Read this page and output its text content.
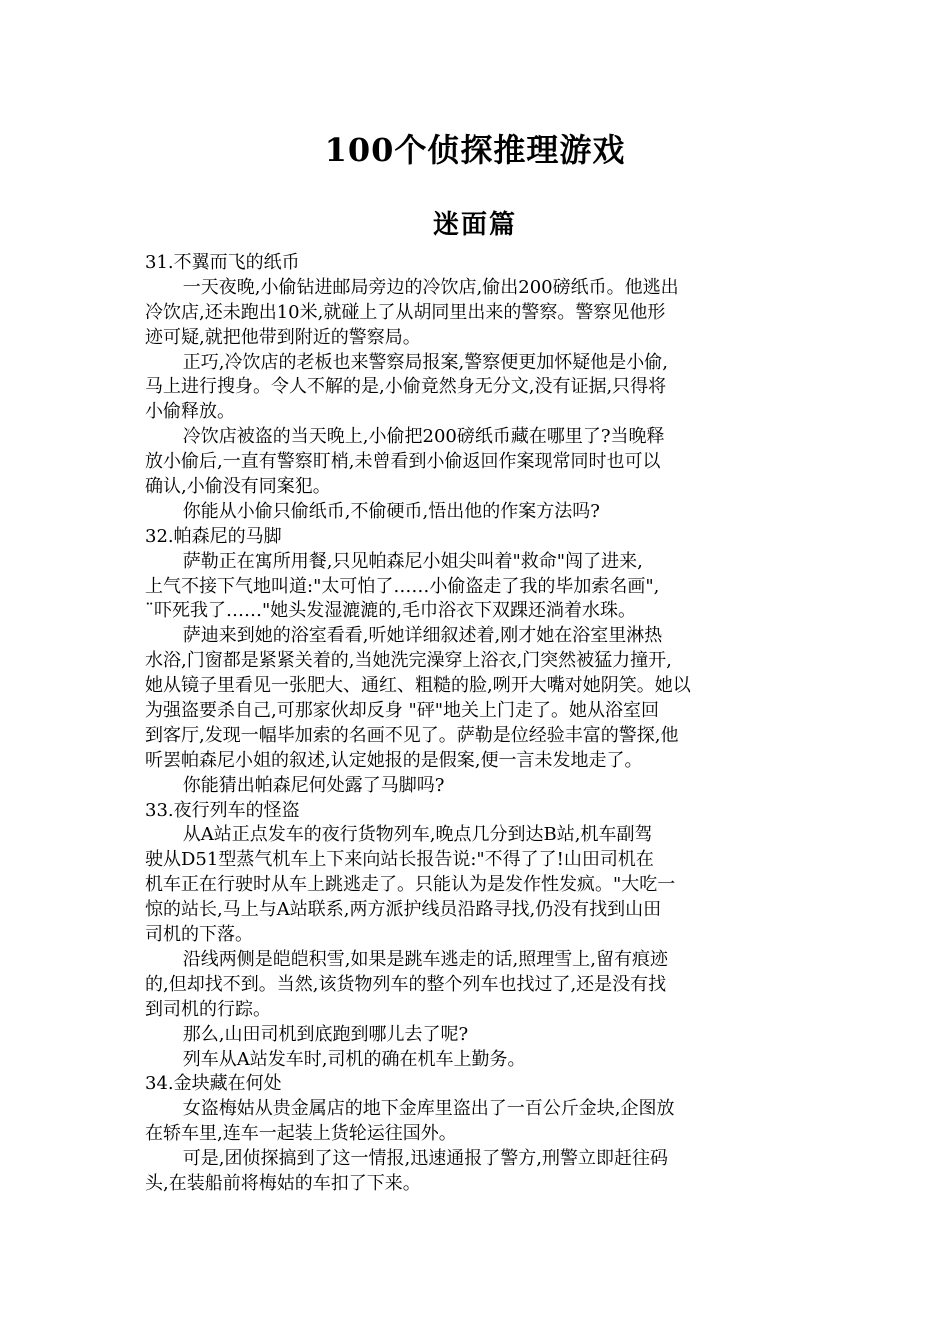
100个侦探推理游戏
迷面篇
31.不翼而飞的纸币
一天夜晚,小偷钻进邮局旁边的冷饮店,偷出200磅纸币。他逃出
冷饮店,还未跑出10米,就碰上了从胡同里出来的警察。警察见他形
迹可疑,就把他带到附近的警察局。
正巧,冷饮店的老板也来警察局报案,警察便更加怀疑他是小偷,
马上进行搜身。令人不解的是,小偷竟然身无分文,没有证据,只得将
小偷释放。
冷饮店被盗的当天晚上,小偷把200磅纸币藏在哪里了?当晚释
放小偷后,一直有警察盯梢,未曾看到小偷返回作案现常同时也可以
确认,小偷没有同案犯。
你能从小偷只偷纸币,不偷硬币,悟出他的作案方法吗?
32.帕森尼的马脚
萨勒正在寓所用餐,只见帕森尼小姐尖叫着"救命"闯了进来,
上气不接下气地叫道:"太可怕了……小偷盗走了我的毕加索名画",
¨吓死我了……"她头发湿漉漉的,毛巾浴衣下双踝还淌着水珠。
萨迪来到她的浴室看看,听她详细叙述着,刚才她在浴室里淋热
水浴,门窗都是紧紧关着的,当她洗完澡穿上浴衣,门突然被猛力撞开,
她从镜子里看见一张肥大、通红、粗糙的脸,咧开大嘴对她阴笑。她以
为强盗要杀自己,可那家伙却反身 "砰"地关上门走了。她从浴室回
到客厅,发现一幅毕加索的名画不见了。萨勒是位经验丰富的警探,他
听罢帕森尼小姐的叙述,认定她报的是假案,便一言未发地走了。
你能猜出帕森尼何处露了马脚吗?
33.夜行列车的怪盗
从A站正点发车的夜行货物列车,晚点几分到达B站,机车副驾
驶从D51型蒸气机车上下来向站长报告说:"不得了了!山田司机在
机车正在行驶时从车上跳逃走了。只能认为是发作性发疯。"大吃一
惊的站长,马上与A站联系,两方派护线员沿路寻找,仍没有找到山田
司机的下落。
沿线两侧是皑皑积雪,如果是跳车逃走的话,照理雪上,留有痕迹
的,但却找不到。当然,该货物列车的整个列车也找过了,还是没有找
到司机的行踪。
那么,山田司机到底跑到哪儿去了呢?
列车从A站发车时,司机的确在机车上勤务。
34.金块藏在何处
女盗梅姑从贵金属店的地下金库里盗出了一百公斤金块,企图放
在轿车里,连车一起装上货轮运往国外。
可是,团侦探搞到了这一情报,迅速通报了警方,刑警立即赶往码
头,在装船前将梅姑的车扣了下来。
